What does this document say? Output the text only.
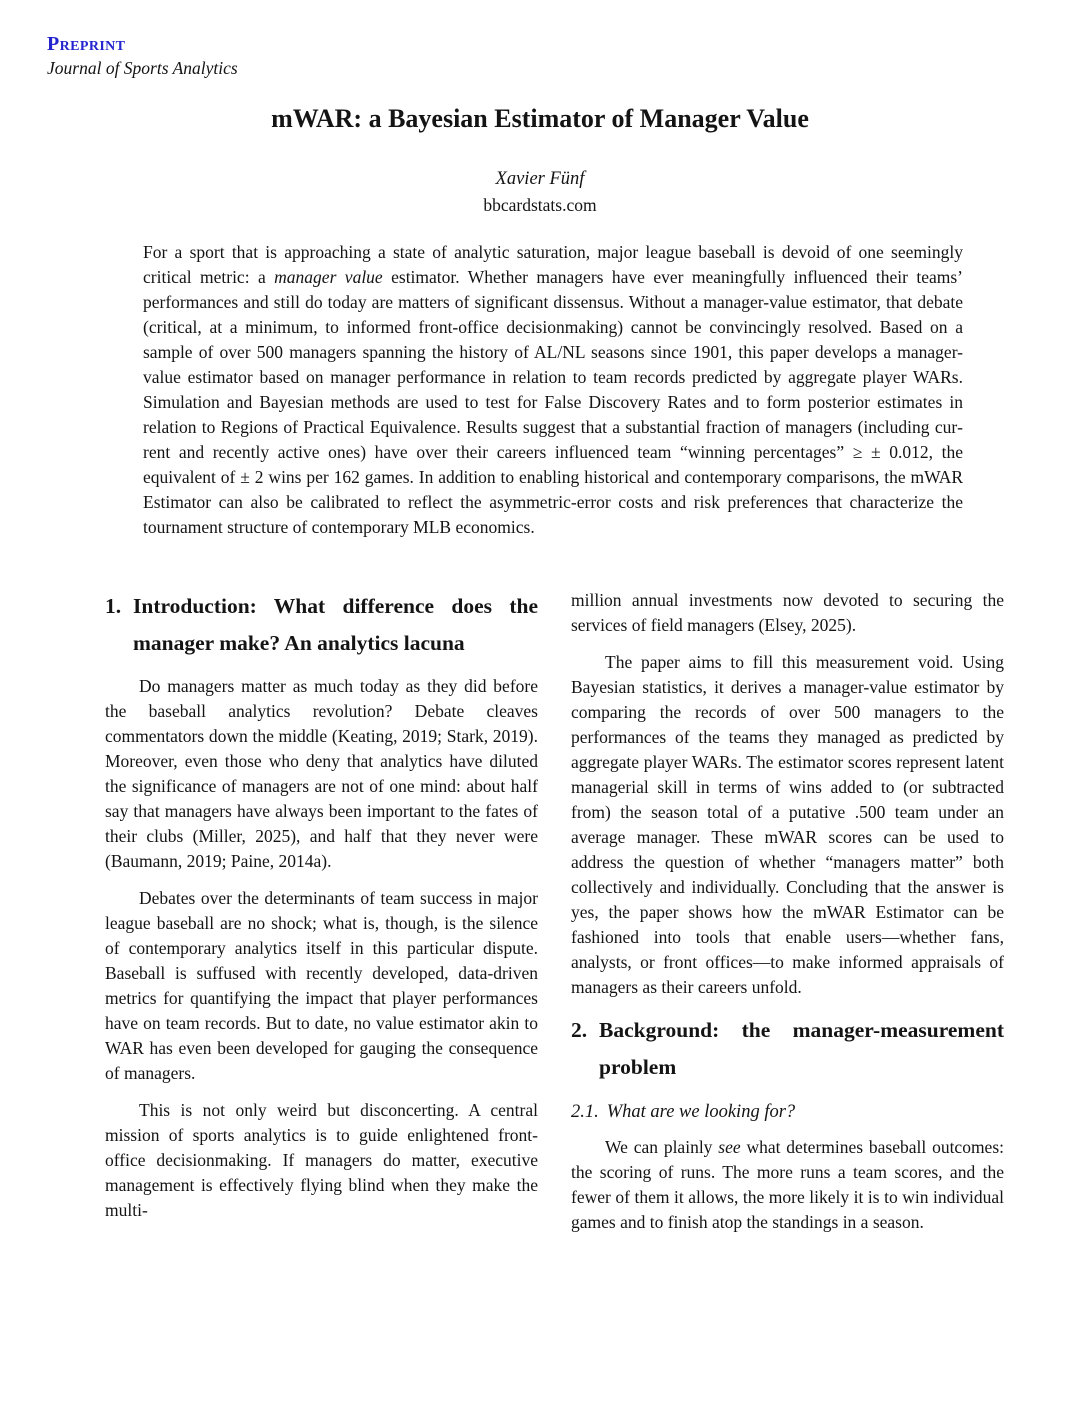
Preprint
Journal of Sports Analytics
mWAR: a Bayesian Estimator of Manager Value
Xavier Fünf
bbcardstats.com

For a sport that is approaching a state of analytic saturation, major league baseball is devoid of one seemingly critical metric: a manager value estimator. Whether managers have ever meaningfully influenced their teams’ performances and still do today are matters of significant dissensus. Without a manager-value estimator, that debate (critical, at a minimum, to informed front-office decisionmaking) cannot be convincingly resolved. Based on a sample of over 500 managers spanning the history of AL/NL seasons since 1901, this paper develops a manager-value estimator based on manager performance in relation to team records predicted by aggregate player WARs. Simulation and Bayesian methods are used to test for False Discovery Rates and to form posterior estimates in relation to Regions of Practical Equivalence. Results suggest that a substantial fraction of managers (including current and recently active ones) have over their careers influenced team “winning percentages” ≥ ± 0.012, the equivalent of ± 2 wins per 162 games. In addition to enabling historical and contemporary comparisons, the mWAR Estimator can also be calibrated to reflect the asymmetric-error costs and risk preferences that characterize the tournament structure of contemporary MLB economics.

1. Introduction: What difference does the manager make? An analytics lacuna

Do managers matter as much today as they did before the baseball analytics revolution? Debate cleaves commentators down the middle (Keating, 2019; Stark, 2019). Moreover, even those who deny that analytics have diluted the significance of managers are not of one mind: about half say that managers have always been important to the fates of their clubs (Miller, 2025), and half that they never were (Baumann, 2019; Paine, 2014a).

Debates over the determinants of team success in major league baseball are no shock; what is, though, is the silence of contemporary analytics itself in this particular dispute. Baseball is suffused with recently developed, data-driven metrics for quantifying the impact that player performances have on team records. But to date, no value estimator akin to WAR has even been developed for gauging the consequence of managers.

This is not only weird but disconcerting. A central mission of sports analytics is to guide enlightened front-office decisionmaking. If managers do matter, executive management is effectively flying blind when they make the multi-

million annual investments now devoted to securing the services of field managers (Elsey, 2025).

The paper aims to fill this measurement void. Using Bayesian statistics, it derives a manager-value estimator by comparing the records of over 500 managers to the performances of the teams they managed as predicted by aggregate player WARs. The estimator scores represent latent managerial skill in terms of wins added to (or subtracted from) the season total of a putative .500 team under an average manager. These mWAR scores can be used to address the question of whether “managers matter” both collectively and individually. Concluding that the answer is yes, the paper shows how the mWAR Estimator can be fashioned into tools that enable users—whether fans, analysts, or front offices—to make informed appraisals of managers as their careers unfold.

2. Background: the manager-measurement problem
2.1. What are we looking for?

We can plainly see what determines baseball outcomes: the scoring of runs. The more runs a team scores, and the fewer of them it allows, the more likely it is to win individual games and to finish atop the standings in a season.
